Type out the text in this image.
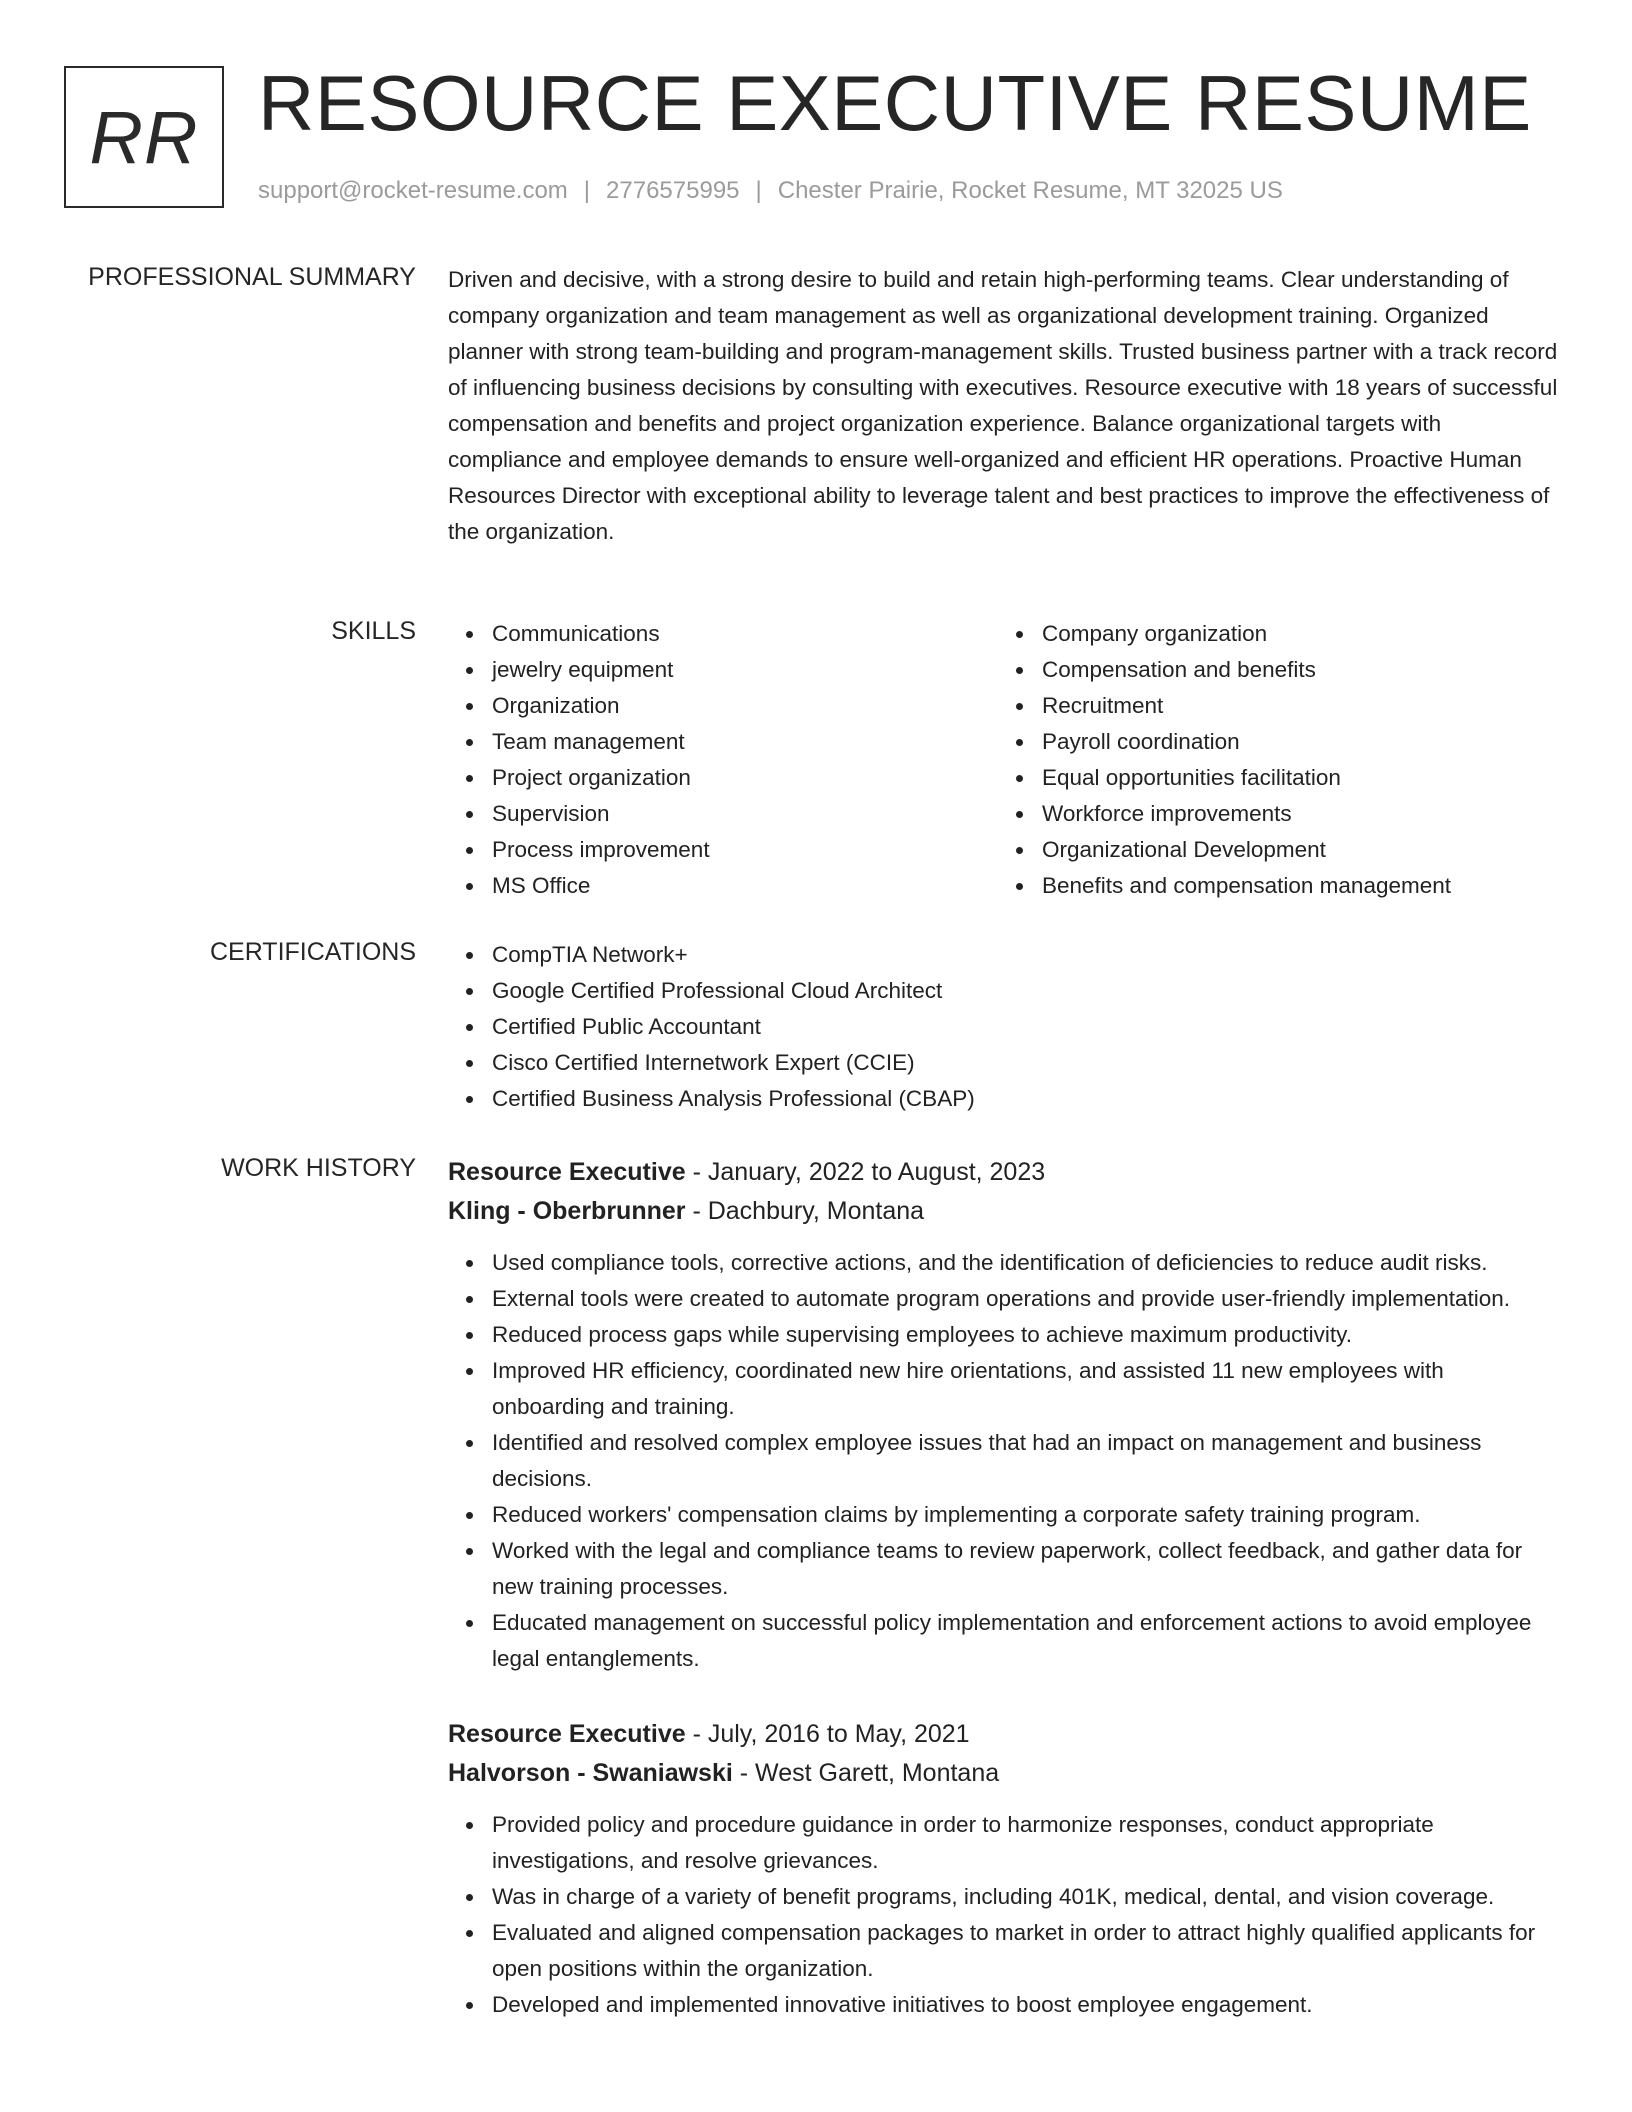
RR RESOURCE EXECUTIVE RESUME
support@rocket-resume.com | 2776575995 | Chester Prairie, Rocket Resume, MT 32025 US
PROFESSIONAL SUMMARY Driven and decisive, with a strong desire to build and retain high-performing teams. Clear understanding of company organization and team management as well as organizational development training. Organized planner with strong team-building and program-management skills. Trusted business partner with a track record of influencing business decisions by consulting with executives. Resource executive with 18 years of successful compensation and benefits and project organization experience. Balance organizational targets with compliance and employee demands to ensure well-organized and efficient HR operations. Proactive Human Resources Director with exceptional ability to leverage talent and best practices to improve the effectiveness of the organization.

SKILLS	Communications
jewelry equipment
Organization
Team management
Project organization
Supervision
Process improvement
MS Office
Company organization
Compensation and benefits
Recruitment
Payroll coordination
Equal opportunities facilitation
Workforce improvements
Organizational Development
Benefits and compensation management
CERTIFICATIONS	CompTIA Network+
Google Certified Professional Cloud Architect
Certified Public Accountant
Cisco Certified Internetwork Expert (CCIE)
Certified Business Analysis Professional (CBAP)
WORK HISTORY Resource Executive - January, 2022 to August, 2023
Kling - Oberbrunner - Dachbury, Montana
Used compliance tools, corrective actions, and the identification of deficiencies to reduce audit risks.
External tools were created to automate program operations and provide user-friendly implementation.
Reduced process gaps while supervising employees to achieve maximum productivity.
Improved HR efficiency, coordinated new hire orientations, and assisted 11 new employees with onboarding and training.
Identified and resolved complex employee issues that had an impact on management and business decisions.
Reduced workers' compensation claims by implementing a corporate safety training program.
Worked with the legal and compliance teams to review paperwork, collect feedback, and gather data for new training processes.
Educated management on successful policy implementation and enforcement actions to avoid employee legal entanglements.
Resource Executive - July, 2016 to May, 2021
Halvorson - Swaniawski - West Garett, Montana
Provided policy and procedure guidance in order to harmonize responses, conduct appropriate investigations, and resolve grievances.
Was in charge of a variety of benefit programs, including 401K, medical, dental, and vision coverage.
Evaluated and aligned compensation packages to market in order to attract highly qualified applicants for open positions within the organization.
Developed and implemented innovative initiatives to boost employee engagement.
